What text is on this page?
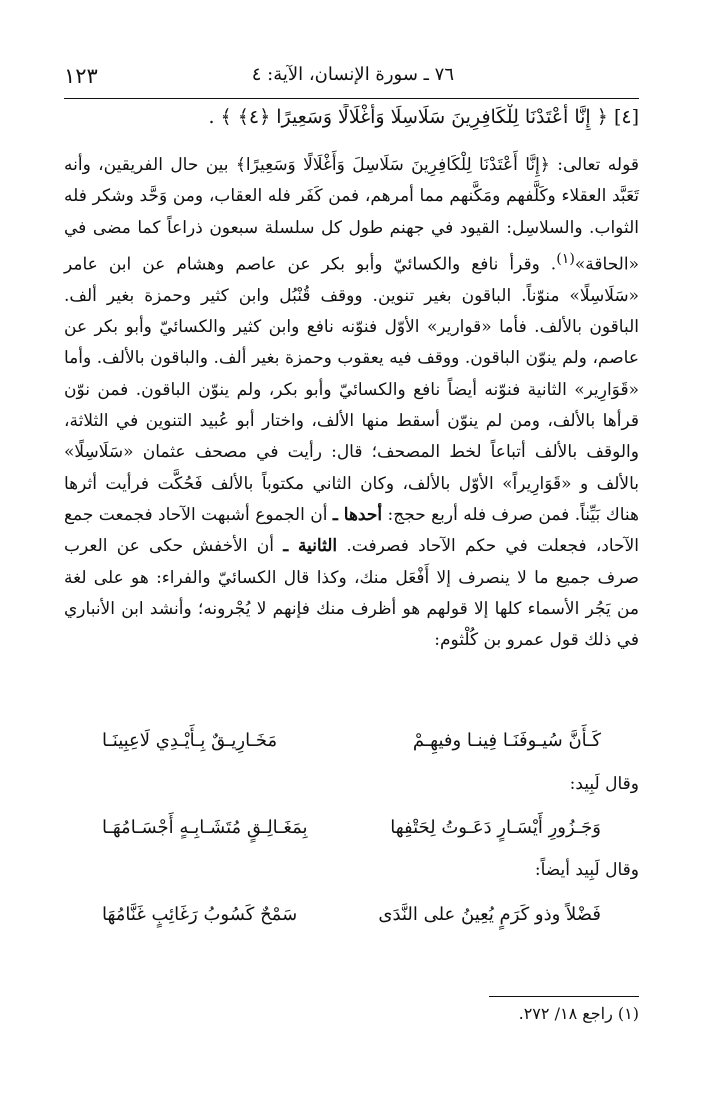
٧٦ ـ سورة الإنسان، الآية: ٤
١٢٣
[٤] ﴿ إِنَّا أَعْتَدْنَا لِلْكَافِرِينَ سَلَاسِلَا وَأَغْلَالًا وَسَعِيرًا ﴿٤﴾ ﴾ .

قوله تعالى: ﴿إِنَّا أَعْتَدْنَا لِلْكَافِرِينَ سَلَاسِلَ وَأَغْلَالًا وَسَعِيرًا﴾ بين حال الفريقين، وأنه تَعَبَّد العقلاء وكَلَّفهم ومَكَّنهم مما أمرهم، فمن كَفَر فله العقاب، ومن وَحَّد وشكر فله الثواب. والسلاسِل: القيود في جهنم طول كل سلسلة سبعون ذراعاً كما مضى في «الحاقة»$^{(١)}$. وقرأ نافع والكسائيّ وأبو بكر عن عاصم وهشام عن ابن عامر «سَلَاسِلًا» منوّناً. الباقون بغير تنوين. ووقف قُنْبُل وابن كثير وحمزة بغير ألف. الباقون بالألف. فأما «قوارير» الأوّل فنوّنه نافع وابن كثير والكسائيّ وأبو بكر عن عاصم، ولم ينوّن الباقون. ووقف فيه يعقوب وحمزة بغير ألف. والباقون بالألف. وأما «قَوَارِير» الثانية فنوّنه أيضاً نافع والكسائيّ وأبو بكر، ولم ينوّن الباقون. فمن نوّن قرأها بالألف، ومن لم ينوّن أسقط منها الألف، واختار أبو عُبيد التنوين في الثلاثة، والوقف بالألف أتباعاً لخط المصحف؛ قال: رأيت في مصحف عثمان «سَلَاسِلًا» بالألف و «قَوَارِيراً» الأوّل بالألف، وكان الثاني مكتوباً بالألف فَحُكَّت فرأيت أثرها هناك بَيِّناً. فمن صرف فله أربع حجج: أحدها ـ أن الجموع أشبهت الآحاد فجمعت جمع الآحاد، فجعلت في حكم الآحاد فصرفت. الثانية ـ أن الأخفش حكى عن العرب صرف جميع ما لا ينصرف إلا أَفْعَل منك، وكذا قال الكسائيّ والفراء: هو على لغة من يَجُر الأسماء كلها إلا قولهم هو أظرف منك فإنهم لا يُجْرونه؛ وأنشد ابن الأنباري في ذلك قول عمرو بن كُلْثوم:

كَـأَنَّ سُيـوفَنَـا فِينـا وفيهِـمْ
مَخَـارِيـقٌ بِـأَيْـدِي لَاعِبِينَـا
وقال لَبِيد:
وَجَـزُورِ أَيْسَـارٍ دَعَـوتُ لِحَتْفِها
بِمَغَـالِـقٍ مُتَشَـابِـهٍ أَجْسَـامُهَـا
وقال لَبِيد أيضاً:
فَضْلاً وذو كَرَمٍ يُعِينُ على النَّدَى
سَمْحٌ كَسُوبُ رَغَائِبٍ غَنَّامُهَا
(١) راجع ١٨/ ٢٧٢.
